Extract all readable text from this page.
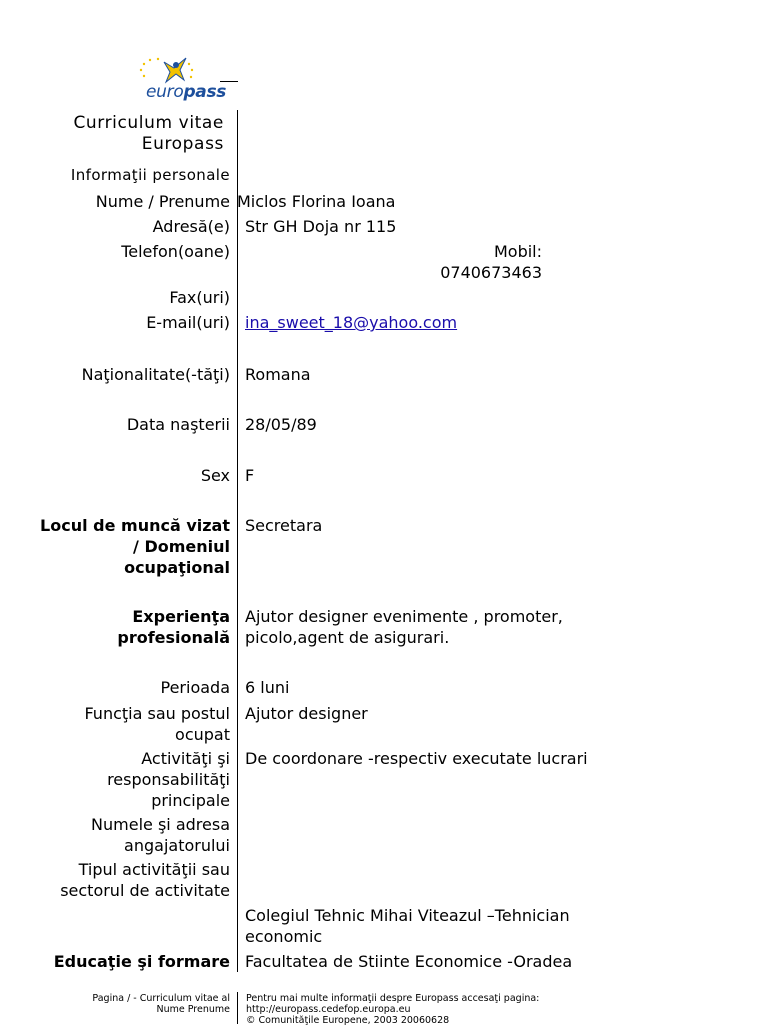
europass
Curriculum vitae
Europass
Informaţii personale
Nume / Prenume Miclos Florina Ioana
Adresă(e) Str GH Doja nr 115
Telefon(oane)	Mobil:
0740673463
Fax(uri)
E-mail(uri) ina_sweet_18@yahoo.com
Naţionalitate(-tăţi) Romana
Data naşterii 28/05/89
Sex F
Locul de muncă vizat
/ Domeniul
ocupaţional
Secretara
Experienţa
profesională
Ajutor designer evenimente , promoter,
picolo,agent de asigurari.
Perioada 6 luni
Funcţia sau postul
ocupat
Ajutor designer
Activităţi şi
responsabilităţi
principale
De coordonare -respectiv executate lucrari
Numele şi adresa
angajatorului
Tipul activităţii sau
sectorul de activitate
Colegiul Tehnic Mihai Viteazul –Tehnician
economic
Educaţie şi formare Facultatea de Stiinte Economice -Oradea
Pagina / - Curriculum vitae al
Nume Prenume
Pentru mai multe informaţii despre Europass accesaţi pagina:
http://europass.cedefop.europa.eu
© Comunităţile Europene, 2003 20060628
